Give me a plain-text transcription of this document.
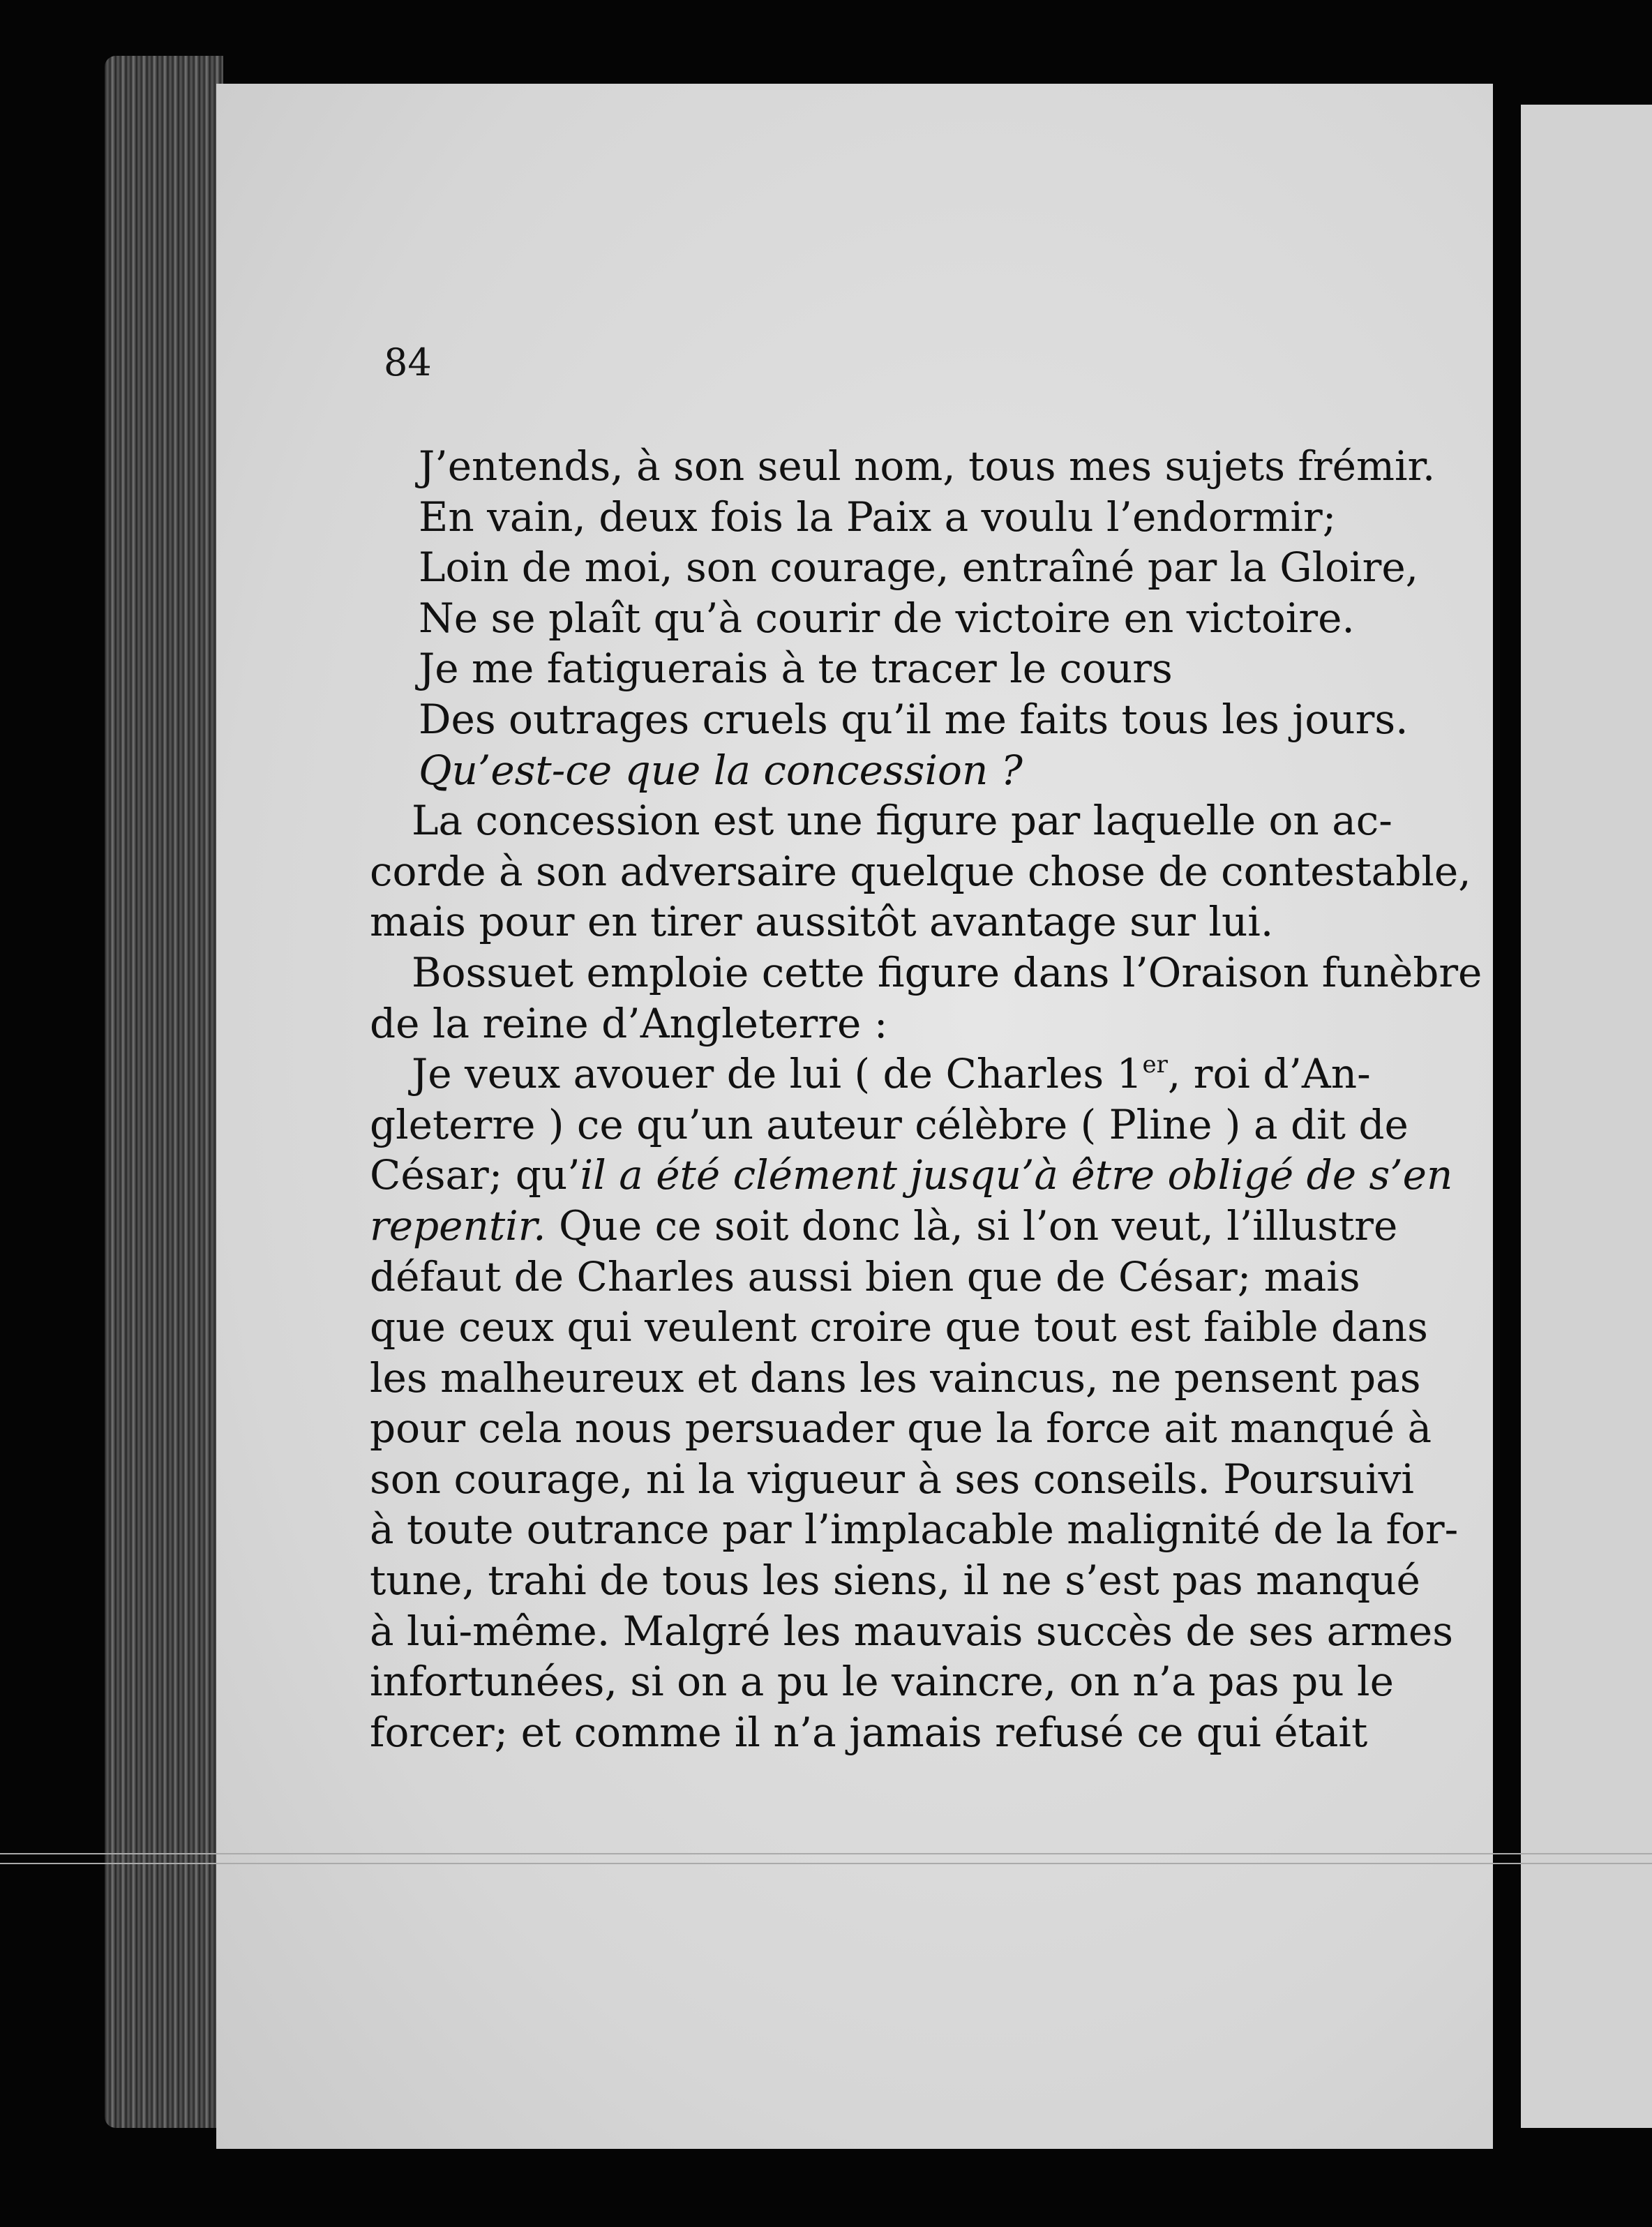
84
J’entends, à son seul nom, tous mes sujets frémir.
En vain, deux fois la Paix a voulu l’endormir;
Loin de moi, son courage, entraîné par la Gloire,
Ne se plaît qu’à courir de victoire en victoire.
Je me fatiguerais à te tracer le cours
Des outrages cruels qu’il me faits tous les jours.
Qu’est-ce que la concession ?
La concession est une figure par laquelle on ac-
corde à son adversaire quelque chose de contestable,
mais pour en tirer aussitôt avantage sur lui.
Bossuet emploie cette figure dans l’Oraison funèbre
de la reine d’Angleterre :
Je veux avouer de lui ( de Charles 1er, roi d’An-
gleterre ) ce qu’un auteur célèbre ( Pline ) a dit de
César; qu’il a été clément jusqu’à être obligé de s’en
repentir. Que ce soit donc là, si l’on veut, l’illustre
défaut de Charles aussi bien que de César; mais
que ceux qui veulent croire que tout est faible dans
les malheureux et dans les vaincus, ne pensent pas
pour cela nous persuader que la force ait manqué à
son courage, ni la vigueur à ses conseils. Poursuivi
à toute outrance par l’implacable malignité de la for-
tune, trahi de tous les siens, il ne s’est pas manqué
à lui-même. Malgré les mauvais succès de ses armes
infortunées, si on a pu le vaincre, on n’a pas pu le
forcer; et comme il n’a jamais refusé ce qui était
